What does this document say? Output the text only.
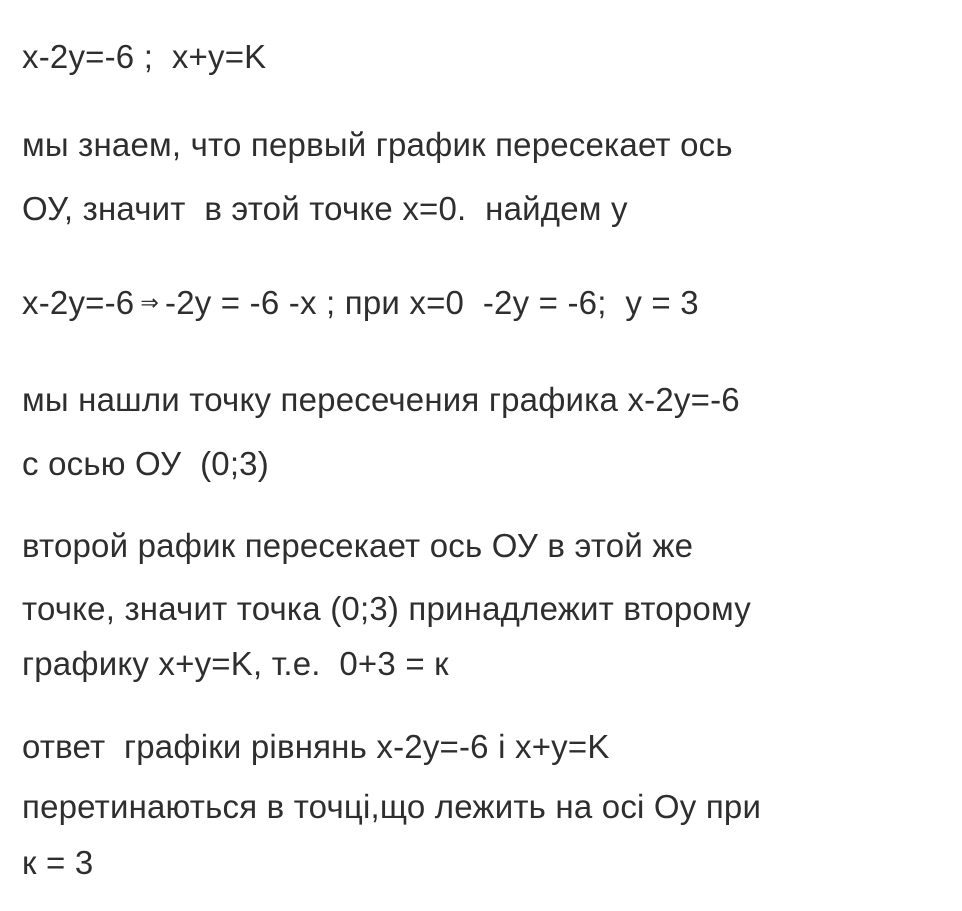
x-2y=-6 ;  x+y=K
мы знаем, что первый график пересекает ось
ОУ, значит  в этой точке х=0.  найдем у
x-2y=-6 ⇒ -2y = -6 -x ; при х=0  -2у = -6;  у = 3
мы нашли точку пересечения графика х-2у=-6
с осью ОУ  (0;3)
второй рафик пересекает ось ОУ в этой же
точке, значит точка (0;3) принадлежит второму
графику x+y=K, т.е.  0+3 = к
ответ  графіки рівнянь x-2y=-6 і x+y=K
перетинаються в точці,що лежить на осі Оу при
к = 3
